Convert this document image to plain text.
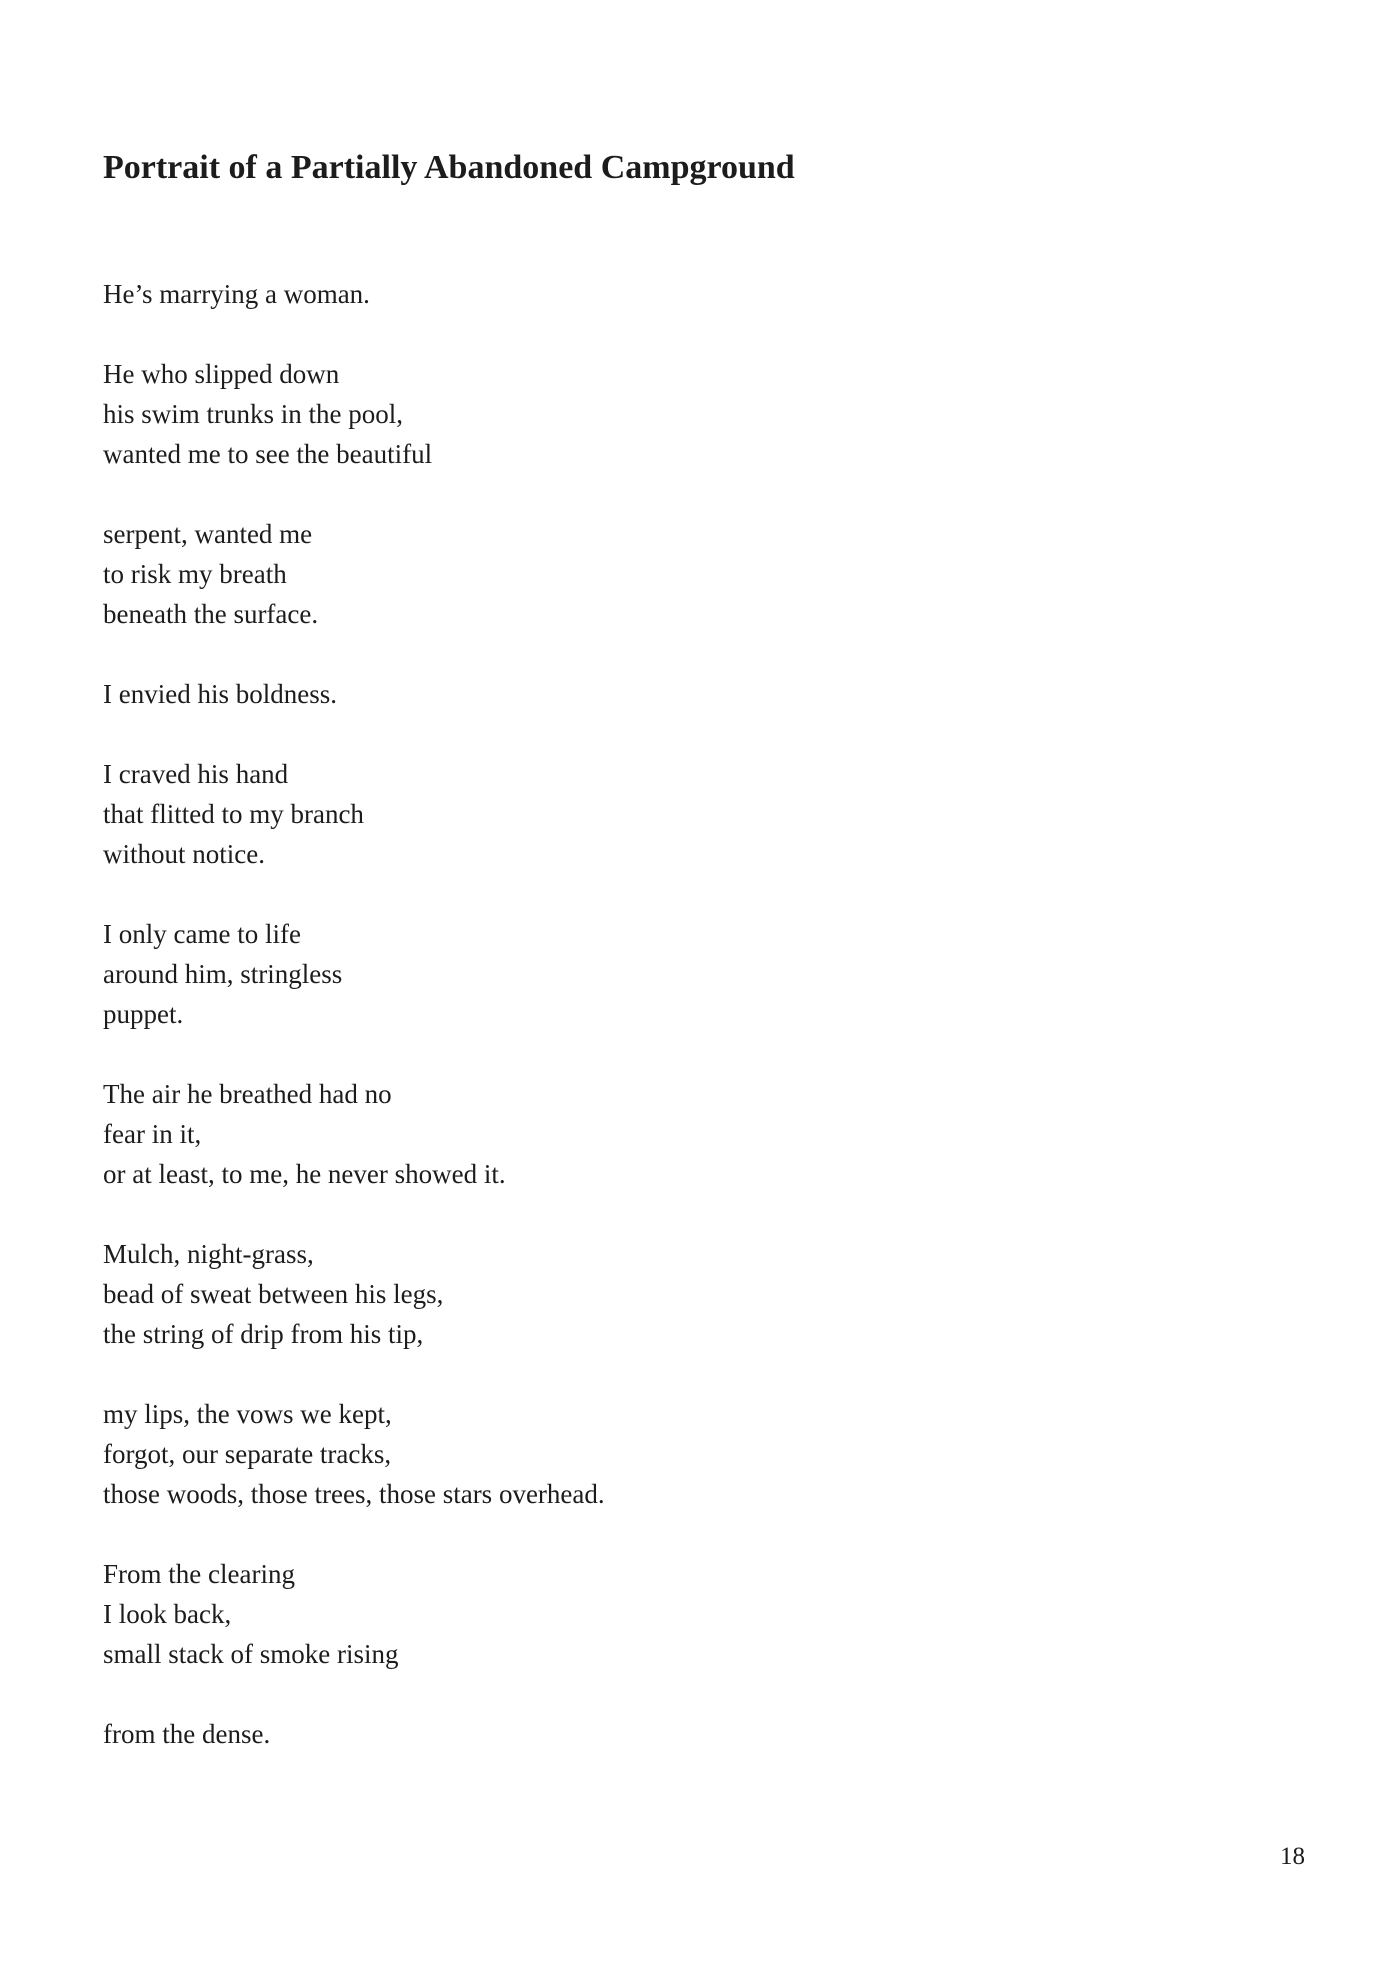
Portrait of a Partially Abandoned Campground

He’s marrying a woman.

He who slipped down
his swim trunks in the pool,
wanted me to see the beautiful

serpent, wanted me
to risk my breath
beneath the surface.

I envied his boldness.

I craved his hand
that flitted to my branch
without notice.

I only came to life
around him, stringless
puppet.

The air he breathed had no
fear in it,
or at least, to me, he never showed it.

Mulch, night-grass,
bead of sweat between his legs,
the string of drip from his tip,

my lips, the vows we kept,
forgot, our separate tracks,
those woods, those trees, those stars overhead.

From the clearing
I look back,
small stack of smoke rising

from the dense.

18
